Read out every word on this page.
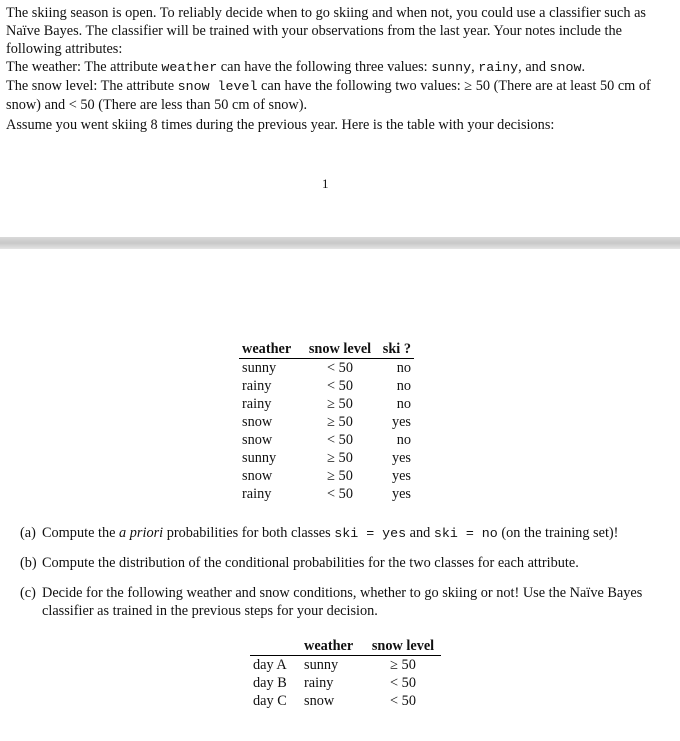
The skiing season is open. To reliably decide when to go skiing and when not, you could use a classifier such as Naïve Bayes. The classifier will be trained with your observations from the last year. Your notes include the following attributes:

The weather: The attribute weather can have the following three values: sunny, rainy, and snow.

The snow level: The attribute snow level can have the following two values: ≥ 50 (There are at least 50 cm of snow) and < 50 (There are less than 50 cm of snow).

Assume you went skiing 8 times during the previous year. Here is the table with your decisions:

1
weather	snow level	ski ?
sunny	< 50	no
rainy	< 50	no
rainy	≥ 50	no
snow	≥ 50	yes
snow	< 50	no
sunny	≥ 50	yes
snow	≥ 50	yes
rainy	< 50	yes
(a) Compute the a priori probabilities for both classes ski = yes and ski = no (on the training set)!
(b) Compute the distribution of the conditional probabilities for the two classes for each attribute.
(c) Decide for the following weather and snow conditions, whether to go skiing or not! Use the Naïve Bayes classifier as trained in the previous steps for your decision.
	weather	snow level
day A	sunny	≥ 50
day B	rainy	< 50
day C	snow	< 50
